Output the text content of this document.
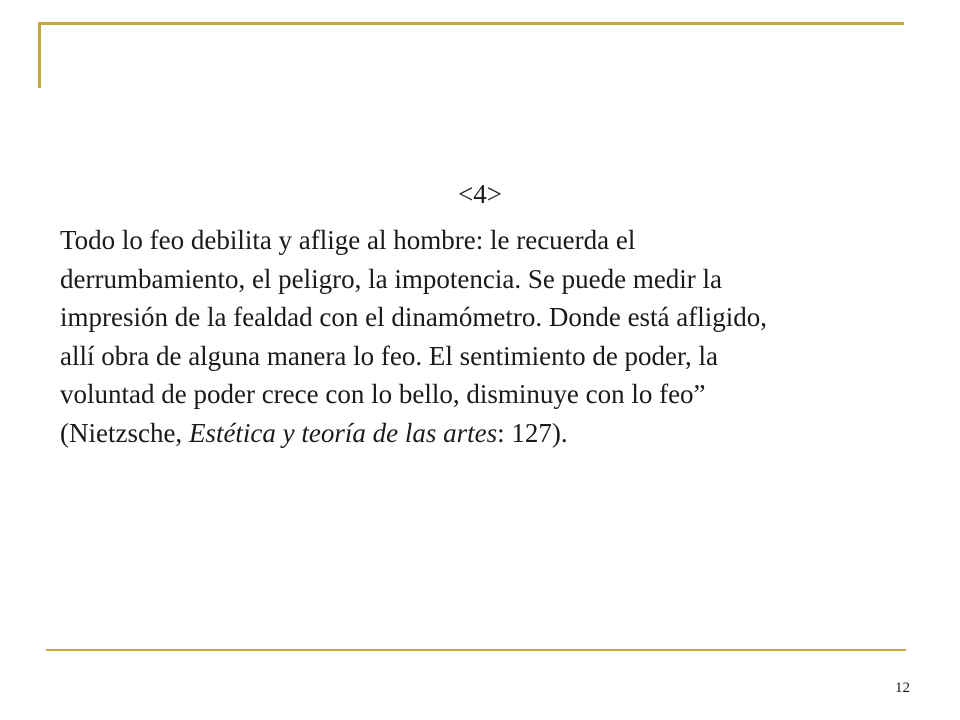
<4>
Todo lo feo debilita y aflige al hombre: le recuerda el
derrumbamiento, el peligro, la impotencia. Se puede medir la
impresión de la fealdad con el dinamómetro. Donde está afligido,
allí obra de alguna manera lo feo. El sentimiento de poder, la
voluntad de poder crece con lo bello, disminuye con lo feo”
(Nietzsche, Estética y teoría de las artes: 127).
12
